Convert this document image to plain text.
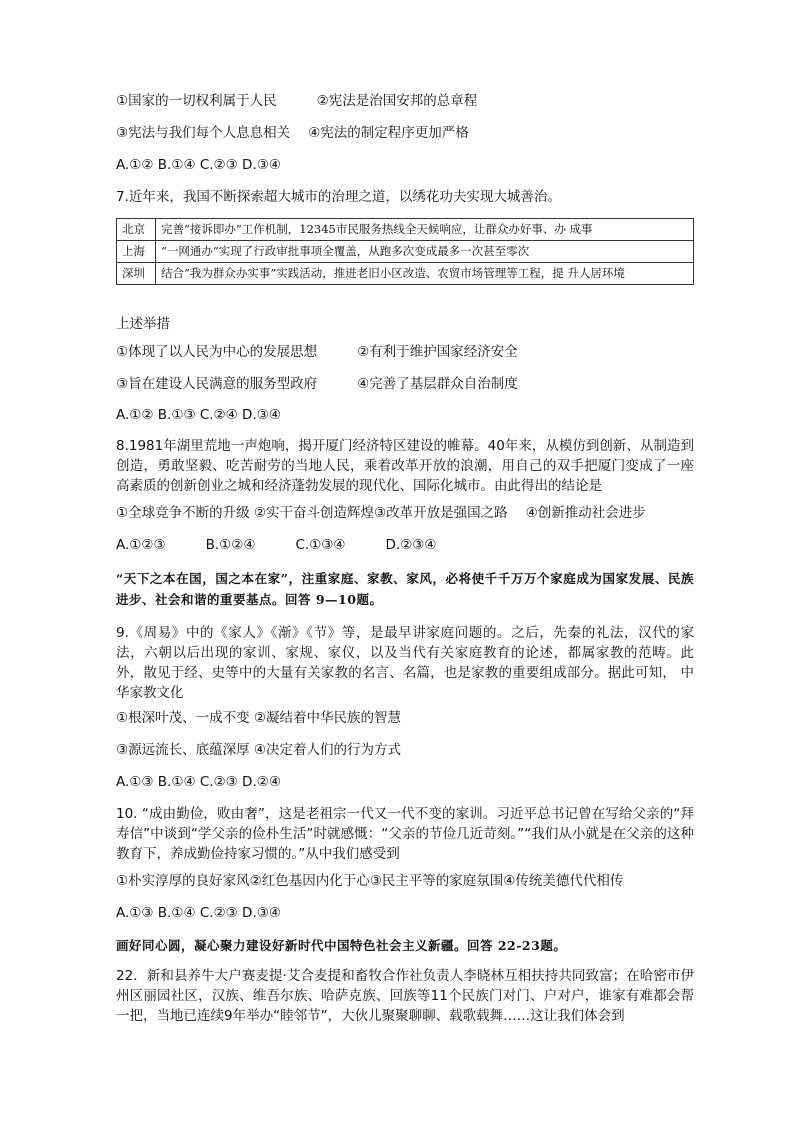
①国家的一切权利属于人民	②宪法是治国安邦的总章程
③宪法与我们每个人息息相关 ④宪法的制定程序更加严格
A.①② B.①④ C.②③ D.③④
7.近年来，我国不断探索超大城市的治理之道，以绣花功夫实现大城善治。
北京	完善“接诉即办”工作机制，12345市民服务热线全天候响应，让群众办好事、办 成事
上海	“一网通办”实现了行政审批事项全覆盖，从跑多次变成最多一次甚至零次
深圳	结合“我为群众办实事”实践活动，推进老旧小区改造、农贸市场管理等工程，提 升人居环境
上述举措
①体现了以人民为中心的发展思想	②有利于维护国家经济安全
③旨在建设人民满意的服务型政府	④完善了基层群众自治制度
A.①② B.①③ C.②④ D.③④
8.1981年湖里荒地一声炮响，揭开厦门经济特区建设的帷幕。40年来，从模仿到创新、从制造到创造，勇敢坚毅、吃苦耐劳的当地人民，乘着改革开放的浪潮，用自己的双手把厦门变成了一座高素质的创新创业之城和经济蓬勃发展的现代化、国际化城市。由此得出的结论是
①全球竞争不断的升级 ②实干奋斗创造辉煌③改革开放是强国之路 ④创新推动社会进步
A.①②③	B.①②④	C.①③④	D.②③④
“天下之本在国，国之本在家”，注重家庭、家教、家风，必将使千千万万个家庭成为国家发展、民族进步、社会和谐的重要基点。回答 9—10题。
9.《周易》中的《家人》《渐》《节》等，是最早讲家庭问题的。之后，先秦的礼法，汉代的家法，六朝以后出现的家训、家规、家仪，以及当代有关家庭教育的论述，都属家教的范畴。此外，散见于经、史等中的大量有关家教的名言、名篇，也是家教的重要组成部分。据此可知， 中华家教文化
①根深叶茂、一成不变 ②凝结着中华民族的智慧
③源远流长、底蕴深厚 ④决定着人们的行为方式
A.①③ B.①④ C.②③ D.②④
10. “成由勤俭，败由奢”，这是老祖宗一代又一代不变的家训。习近平总书记曾在写给父亲的“拜寿信”中谈到“学父亲的俭朴生活”时就感慨：“父亲的节俭几近苛刻。”“我们从小就是在父亲的这种教育下，养成勤俭持家习惯的。”从中我们感受到
①朴实淳厚的良好家风②红色基因内化于心③民主平等的家庭氛围④传统美德代代相传
A.①③ B.①④ C.②③ D.③④
画好同心圆，凝心聚力建设好新时代中国特色社会主义新疆。回答 22-23题。
22．新和县养牛大户赛麦提·艾合麦提和畜牧合作社负责人李晓林互相扶持共同致富；在哈密市伊州区丽园社区，汉族、维吾尔族、哈萨克族、回族等11个民族门对门、户对户，谁家有难都会帮一把，当地已连续9年举办“睦邻节”，大伙儿聚聚聊聊、载歌载舞……这让我们体会到
